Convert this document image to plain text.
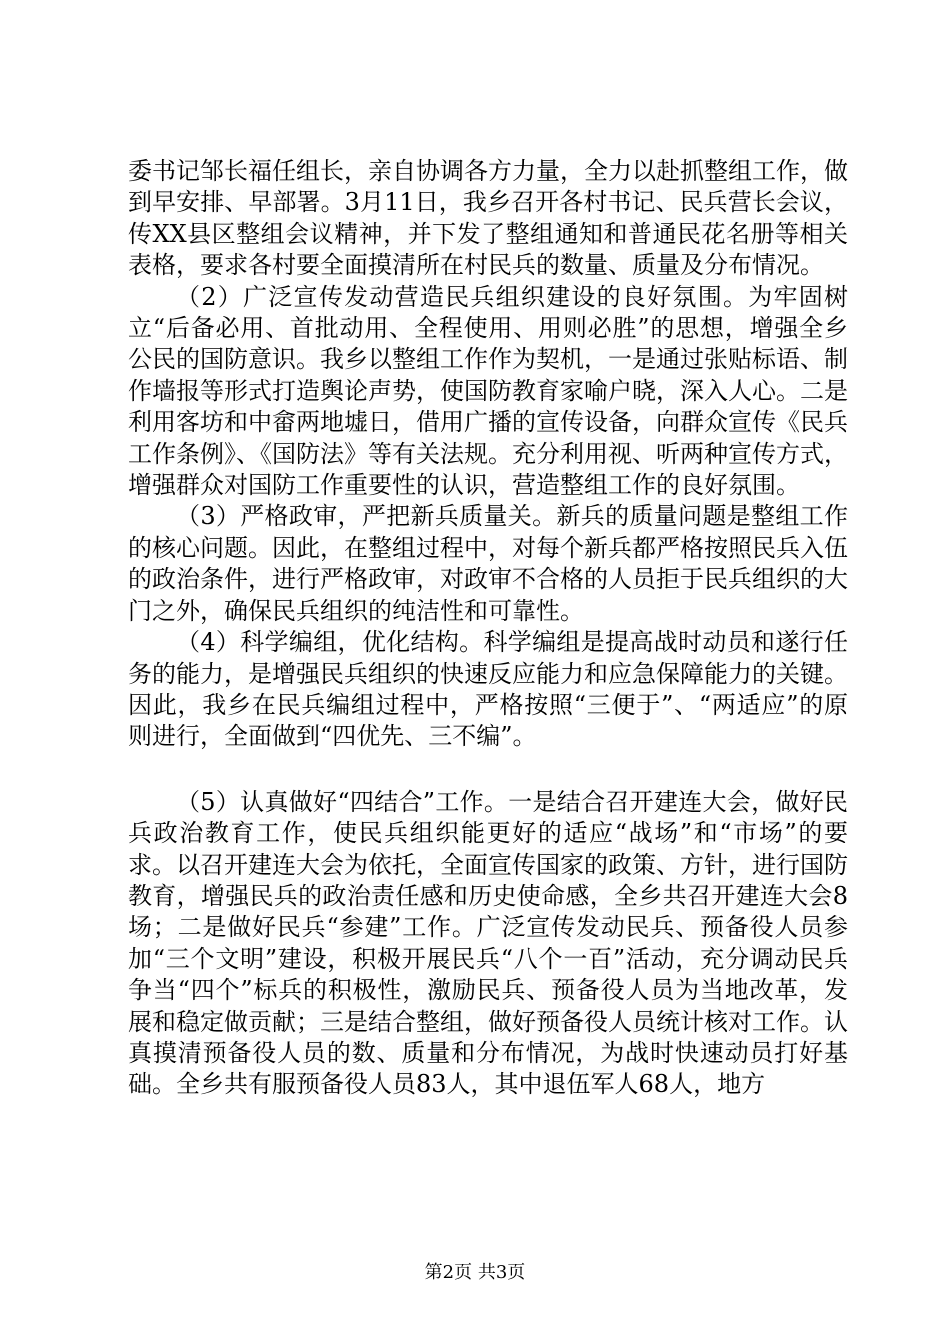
委书记邹长福任组长，亲自协调各方力量，全力以赴抓整组工作，做到早安排、早部署。3月11日，我乡召开各村书记、民兵营长会议，传XX县区整组会议精神，并下发了整组通知和普通民花名册等相关表格，要求各村要全面摸清所在村民兵的数量、质量及分布情况。

（2）广泛宣传发动营造民兵组织建设的良好氛围。为牢固树立“后备必用、首批动用、全程使用、用则必胜”的思想，增强全乡公民的国防意识。我乡以整组工作作为契机，一是通过张贴标语、制作墙报等形式打造舆论声势，使国防教育家喻户晓，深入人心。二是利用客坊和中畲两地墟日，借用广播的宣传设备，向群众宣传《民兵工作条例》、《国防法》等有关法规。充分利用视、听两种宣传方式，增强群众对国防工作重要性的认识，营造整组工作的良好氛围。

（3）严格政审，严把新兵质量关。新兵的质量问题是整组工作的核心问题。因此，在整组过程中，对每个新兵都严格按照民兵入伍的政治条件，进行严格政审，对政审不合格的人员拒于民兵组织的大门之外，确保民兵组织的纯洁性和可靠性。

（4）科学编组，优化结构。科学编组是提高战时动员和遂行任务的能力，是增强民兵组织的快速反应能力和应急保障能力的关键。因此，我乡在民兵编组过程中，严格按照“三便于”、“两适应”的原则进行，全面做到“四优先、三不编”。

（5）认真做好“四结合”工作。一是结合召开建连大会，做好民兵政治教育工作，使民兵组织能更好的适应“战场”和“市场”的要求。以召开建连大会为依托，全面宣传国家的政策、方针，进行国防教育，增强民兵的政治责任感和历史使命感，全乡共召开建连大会8场；二是做好民兵“参建”工作。广泛宣传发动民兵、预备役人员参加“三个文明”建设，积极开展民兵“八个一百”活动，充分调动民兵争当“四个”标兵的积极性，激励民兵、预备役人员为当地改革，发展和稳定做贡献；三是结合整组，做好预备役人员统计核对工作。认真摸清预备役人员的数、质量和分布情况，为战时快速动员打好基础。全乡共有服预备役人员83人，其中退伍军人68人，地方

第2页 共3页
